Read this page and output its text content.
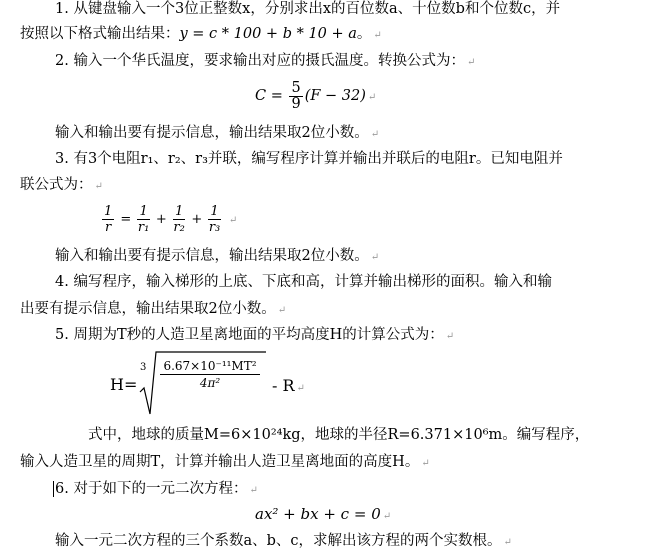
1. 从键盘输入一个3位正整数x，分别求出x的百位数a、十位数b和个位数c，并
按照以下格式输出结果：y = c * 100 + b * 10 + a。 ↵
2. 输入一个华氏温度，要求输出对应的摄氏温度。转换公式为： ↵
$C = \frac{5}{9} (F - 32)$ ↵
输入和输出要有提示信息，输出结果取2位小数。 ↵
3. 有3个电阻r₁、r₂、r₃并联，编写程序计算并输出并联后的电阻r。已知电阻并
联公式为： ↵
$\frac{1}{r} = \frac{1}{\text{r₁}} + \frac{1}{\text{r₂}} + \frac{1}{\text{r₃}}$ ↵
输入和输出要有提示信息，输出结果取2位小数。 ↵
4. 编写程序，输入梯形的上底、下底和高，计算并输出梯形的面积。输入和输
出要有提示信息，输出结果取2位小数。 ↵
5. 周期为T秒的人造卫星离地面的平均高度H的计算公式为： ↵
H=
$3 \frac{\text{6.67×10⁻¹¹MT²}}{\text{4π²}}$ - R ↵
式中，地球的质量M=6×10²⁴kg，地球的半径R=6.371×10⁶m。编写程序，
输入人造卫星的周期T，计算并输出人造卫星离地面的高度H。 ↵
6. 对于如下的一元二次方程： ↵
ax² + bx + c = 0 ↵
输入一元二次方程的三个系数a、b、c，求解出该方程的两个实数根。 ↵
